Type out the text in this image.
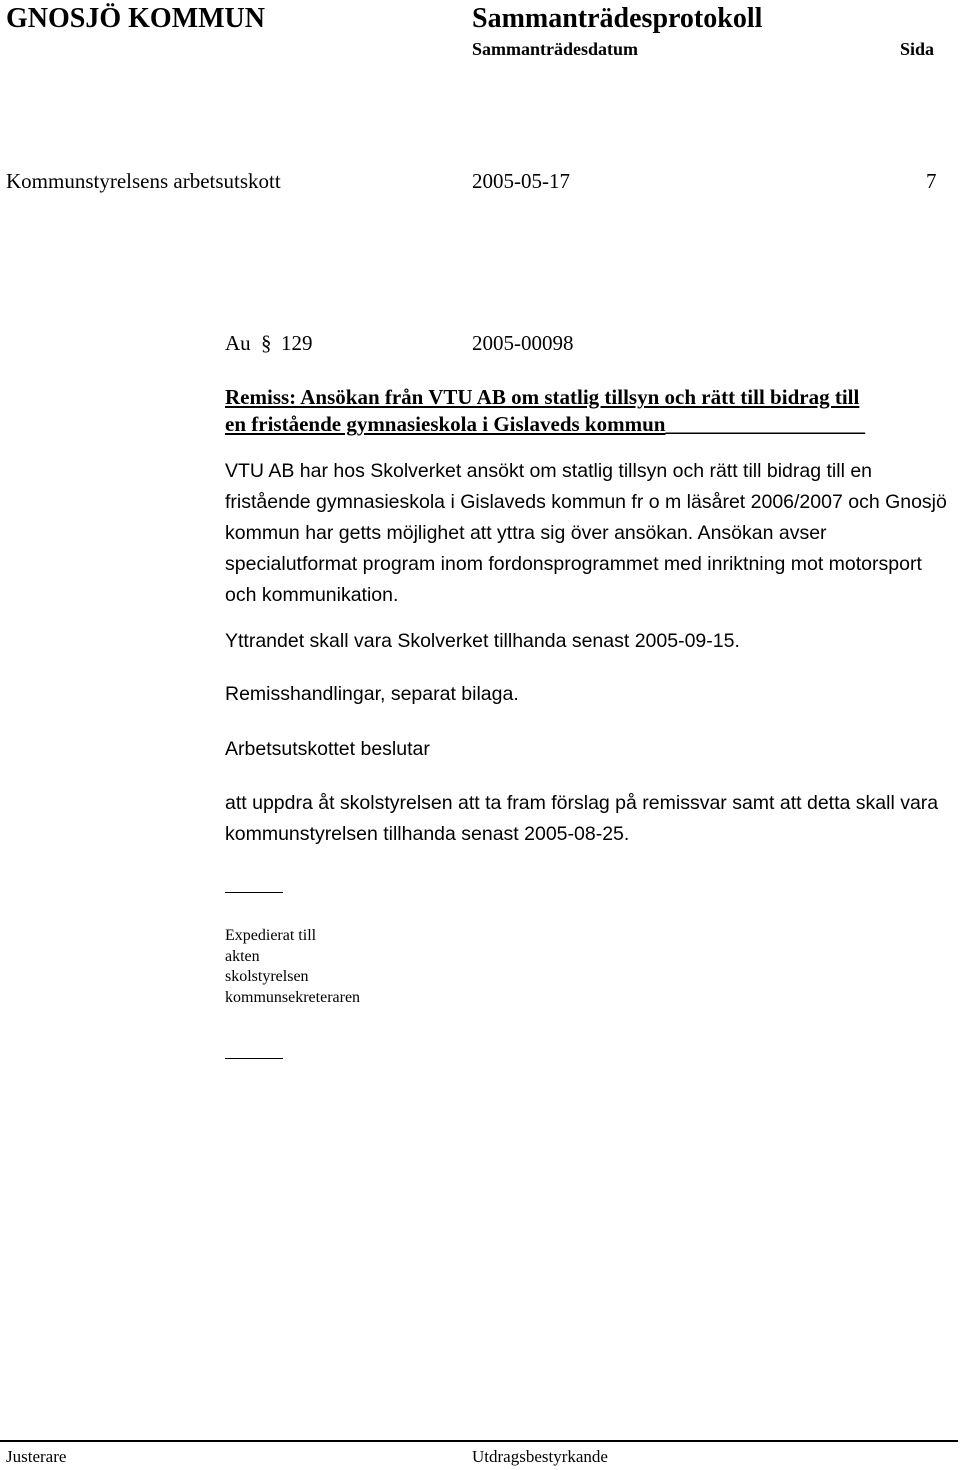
GNOSJÖ KOMMUN	Sammanträdesprotokoll
Sammanträdesdatum	Sida
Kommunstyrelsens arbetsutskott	2005-05-17	7
Au § 129	2005-00098
Remiss: Ansökan från VTU AB om statlig tillsyn och rätt till bidrag till
en fristående gymnasieskola i Gislaveds kommun___________________
VTU AB har hos Skolverket ansökt om statlig tillsyn och rätt till bidrag till en fristående gymnasieskola i Gislaveds kommun fr o m läsåret 2006/2007 och Gnosjö kommun har getts möjlighet att yttra sig över ansökan. Ansökan avser specialutformat program inom fordonsprogrammet med inriktning mot motorsport och kommunikation.
Yttrandet skall vara Skolverket tillhanda senast 2005-09-15.
Remisshandlingar, separat bilaga.
Arbetsutskottet beslutar
att uppdra åt skolstyrelsen att ta fram förslag på remissvar samt att detta skall vara kommunstyrelsen tillhanda senast 2005-08-25.
Expedierat till
akten
skolstyrelsen
kommunsekreteraren
Justerare	Utdragsbestyrkande
